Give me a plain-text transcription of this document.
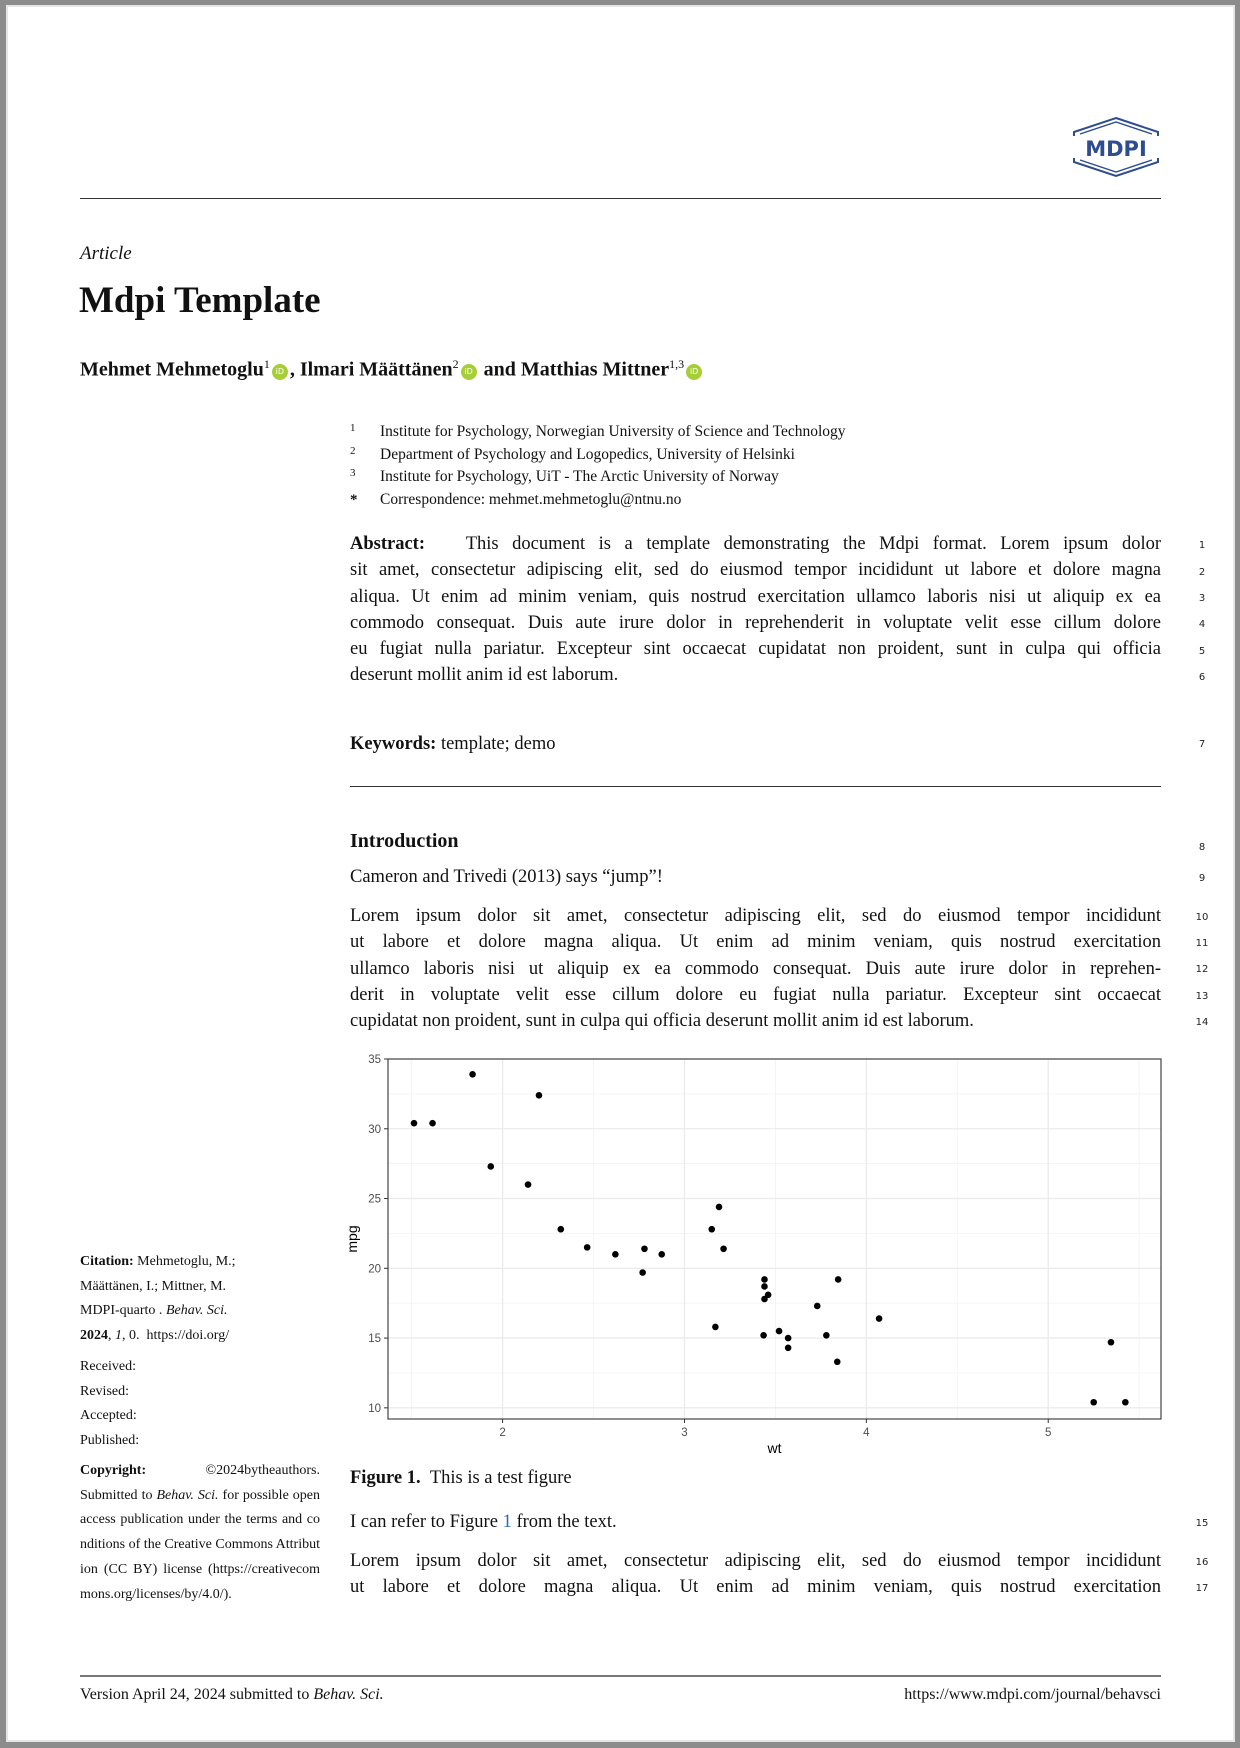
MDPI
Article
Mdpi Template
Mehmet Mehmetoglu$^1$iD , Ilmari Määttänen$^2$iD and Matthias Mittner$^{1,3}$iD
1 Institute for Psychology, Norwegian University of Science and Technology
2 Department of Psychology and Logopedics, University of Helsinki
3 Institute for Psychology, UiT - The Arctic University of Norway
* Correspondence: mehmet.mehmetoglu@ntnu.no
Abstract: This document is a template demonstrating the Mdpi format. Lorem ipsum dolor
sit amet, consectetur adipiscing elit, sed do eiusmod tempor incididunt ut labore et dolore magna
aliqua. Ut enim ad minim veniam, quis nostrud exercitation ullamco laboris nisi ut aliquip ex ea
commodo consequat. Duis aute irure dolor in reprehenderit in voluptate velit esse cillum dolore
eu fugiat nulla pariatur. Excepteur sint occaecat cupidatat non proident, sunt in culpa qui officia
deserunt mollit anim id est laborum.
Keywords: template; demo
Introduction
Cameron and Trivedi (2013) says “jump”!
Lorem ipsum dolor sit amet, consectetur adipiscing elit, sed do eiusmod tempor incididunt
ut labore et dolore magna aliqua. Ut enim ad minim veniam, quis nostrud exercitation
ullamco laboris nisi ut aliquip ex ea commodo consequat. Duis aute irure dolor in reprehen-
derit in voluptate velit esse cillum dolore eu fugiat nulla pariatur. Excepteur sint occaecat
cupidatat non proident, sunt in culpa qui officia deserunt mollit anim id est laborum.
2	3	4	5
10
15
20
25
30
35
wt
mpg
Figure 1. This is a test figure
I can refer to Figure 1 from the text.
Lorem ipsum dolor sit amet, consectetur adipiscing elit, sed do eiusmod tempor incididunt
ut labore et dolore magna aliqua. Ut enim ad minim veniam, quis nostrud exercitation
1
2
3
4
5
6
7
8
9
10
11
12
13
14
15
16
17
Citation: Mehmetoglu, M.;
Määttänen, I.; Mittner, M.
MDPI-quarto . Behav. Sci.
2024, 1, 0.  https://doi.org/
Received:
Revised:
Accepted:
Published:
Copyright:	©2024bytheauthors. Submitted to Behav. Sci. for possible open access publication under the terms and conditions of the Creative Commons Attribution (CC BY) license (https://creativecommons.org/licenses/by/4.0/).
Version April 24, 2024 submitted to Behav. Sci.	https://www.mdpi.com/journal/behavsci
